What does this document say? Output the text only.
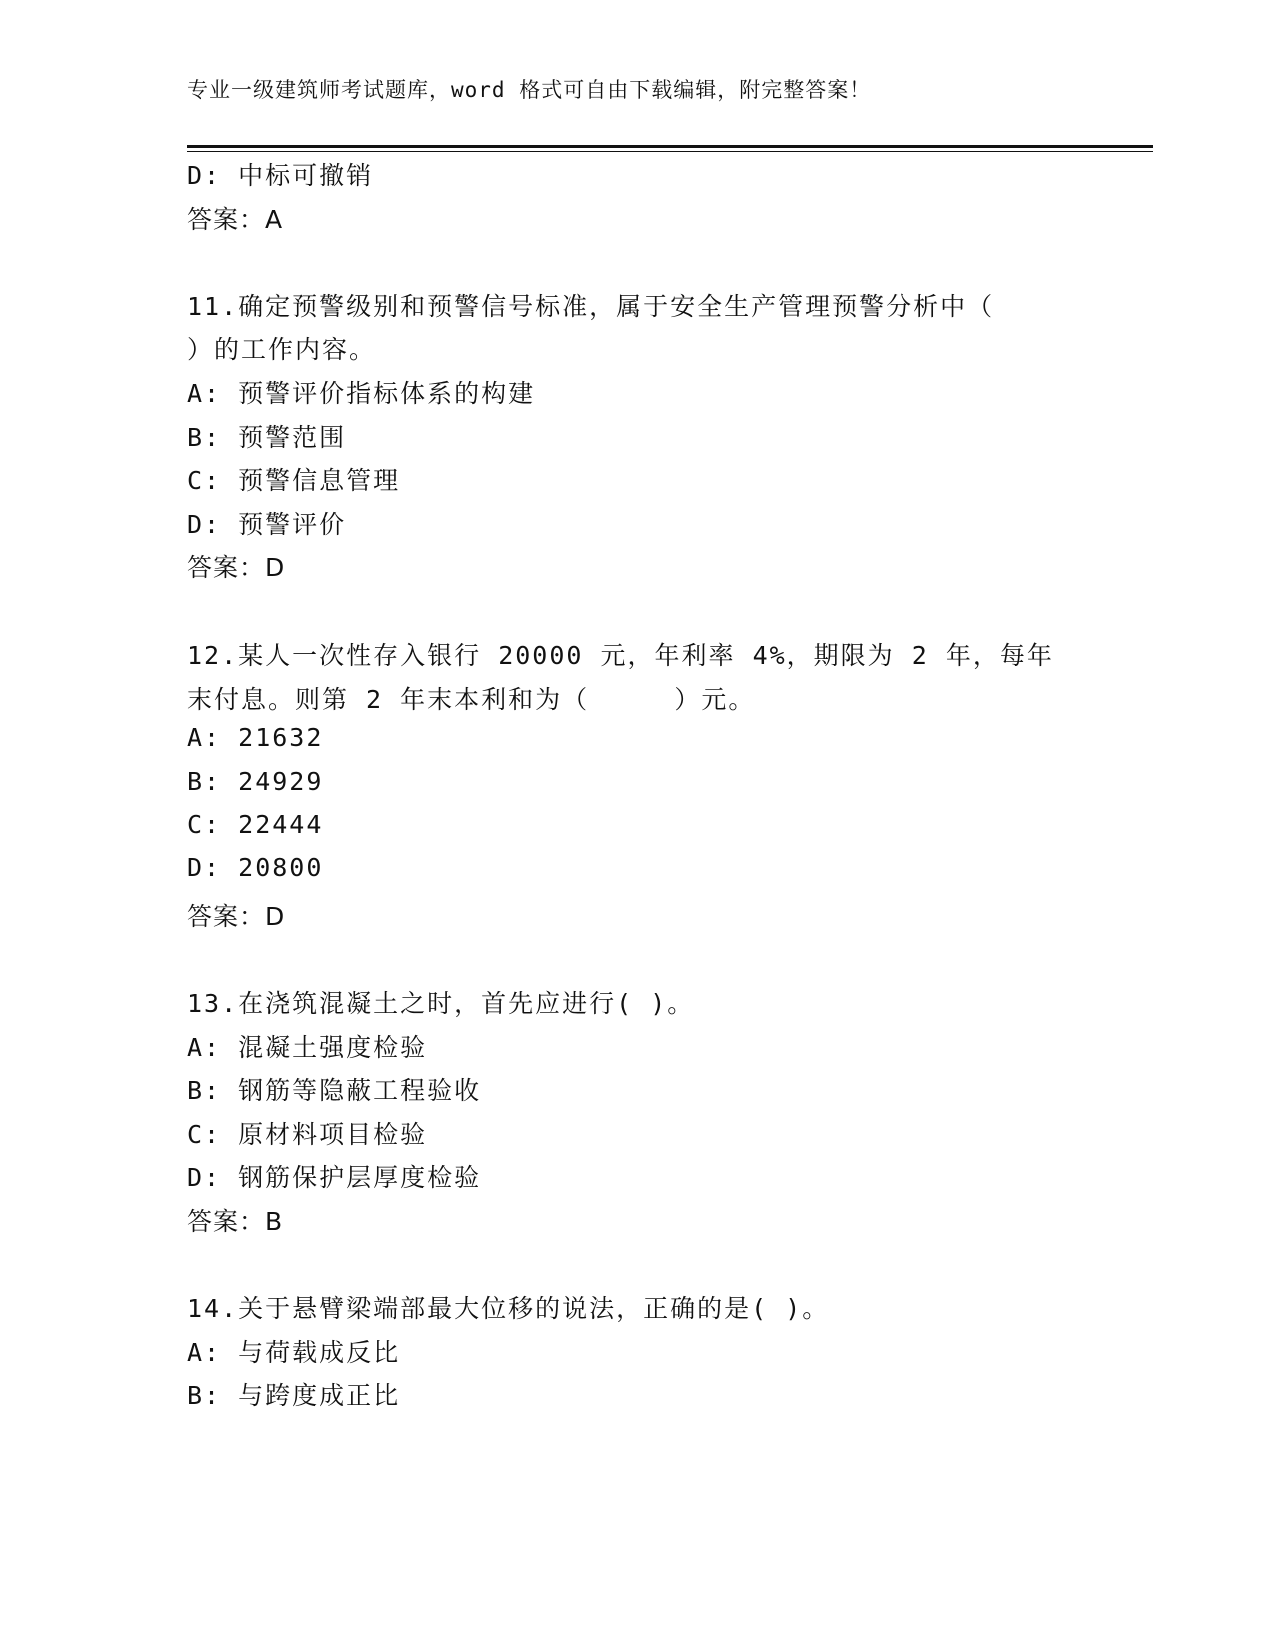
专业一级建筑师考试题库，word 格式可自由下载编辑，附完整答案！
D: 中标可撤销
答案：A
11.确定预警级别和预警信号标准，属于安全生产管理预警分析中（
）的工作内容。
A: 预警评价指标体系的构建
B: 预警范围
C: 预警信息管理
D: 预警评价
答案：D
12.某人一次性存入银行 20000 元，年利率 4%，期限为 2 年，每年
末付息。则第 2 年末本利和为（     ）元。
A: 21632
B: 24929
C: 22444
D: 20800
答案：D
13.在浇筑混凝土之时，首先应进行( )。
A: 混凝土强度检验
B: 钢筋等隐蔽工程验收
C: 原材料项目检验
D: 钢筋保护层厚度检验
答案：B
14.关于悬臂梁端部最大位移的说法，正确的是( )。
A: 与荷载成反比
B: 与跨度成正比
